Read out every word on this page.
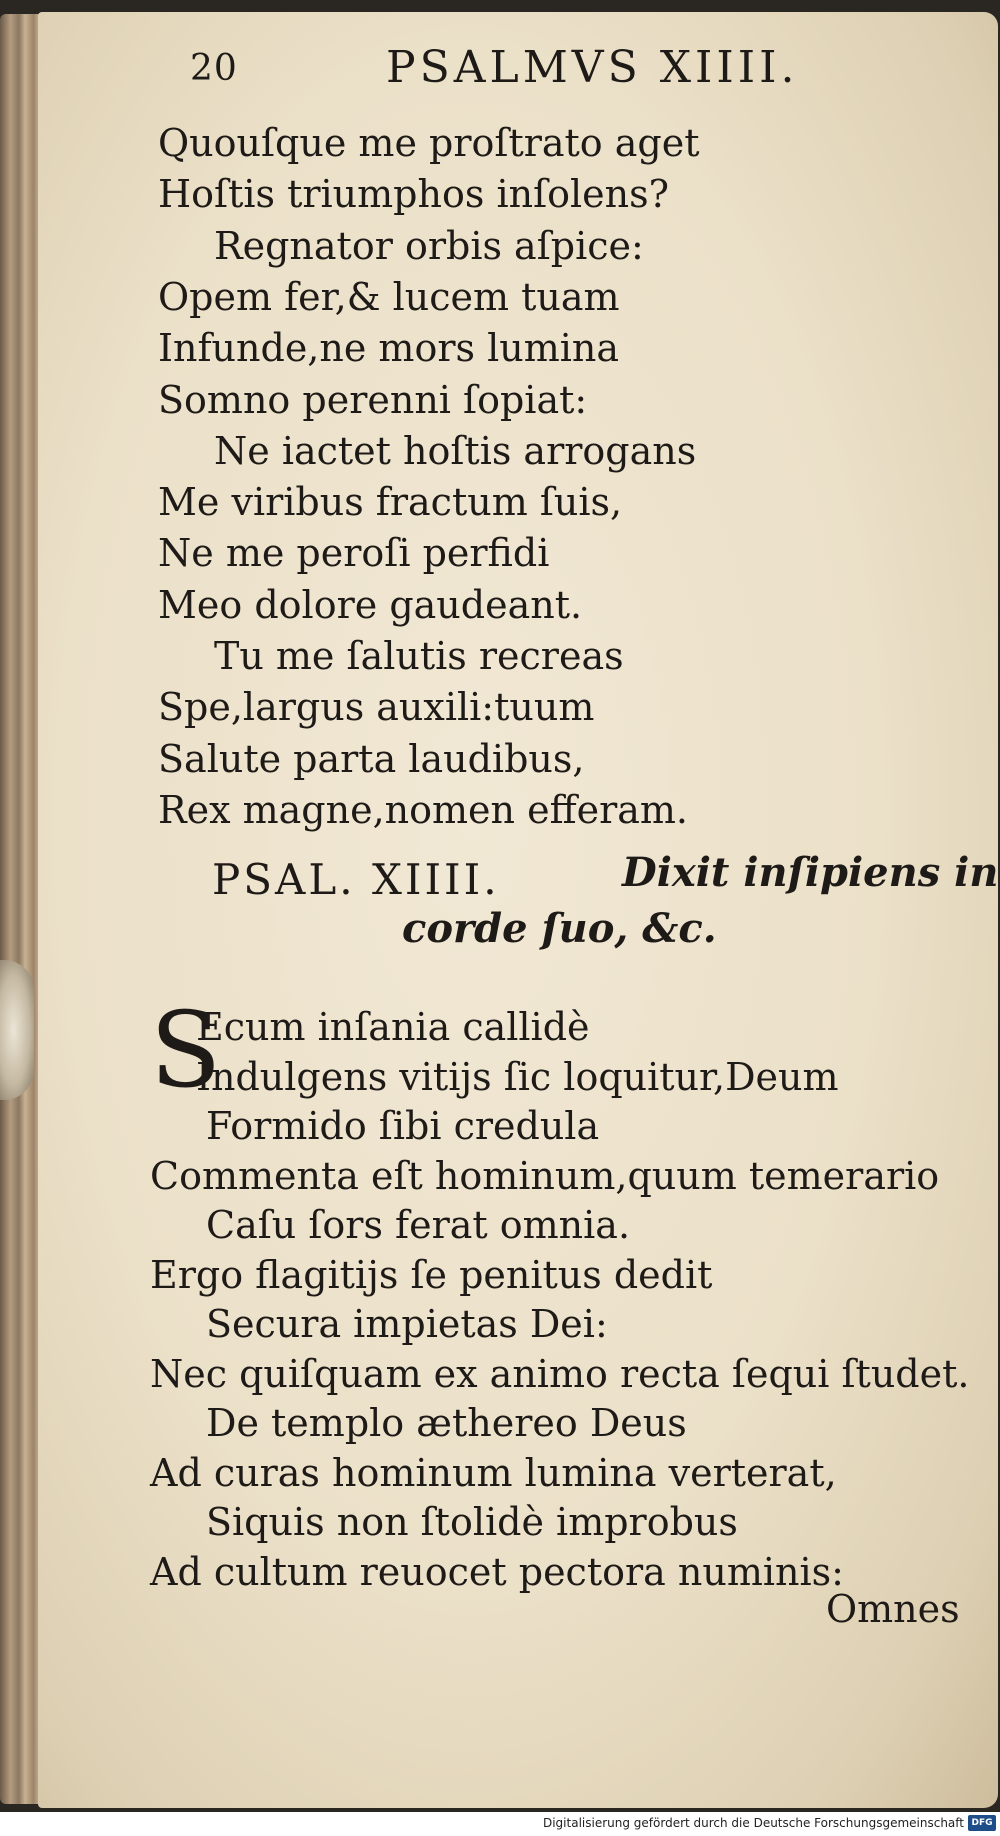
20	PSALMVS XIIII.
Quouſque me proſtrato aget
Hoſtis triumphos inſolens?
Regnator orbis aſpice:
Opem fer,& lucem tuam
Infunde,ne mors lumina
Somno perenni ſopiat:
Ne iactet hoſtis arrogans
Me viribus fractum ſuis,
Ne me peroſi perfidi
Meo dolore gaudeant.
Tu me ſalutis recreas
Spe,largus auxili:tuum
Salute parta laudibus,
Rex magne,nomen efferam.
PSAL. XIIII.	Dixit inſipiens in
corde ſuo, &c.
S
Ecum inſania callidè
Indulgens vitijs ſic loquitur,Deum
Formido ſibi credula
Commenta eſt hominum,quum temerario
Caſu ſors ferat omnia.
Ergo flagitijs ſe penitus dedit
Secura impietas Dei:
Nec quiſquam ex animo recta ſequi ſtudet.
De templo æthereo Deus
Ad curas hominum lumina verterat,
Siquis non ſtolidè improbus
Ad cultum reuocet pectora numinis:
Omnes
Digitalisierung gefördert durch die Deutsche Forschungsgemeinschaft DFG
